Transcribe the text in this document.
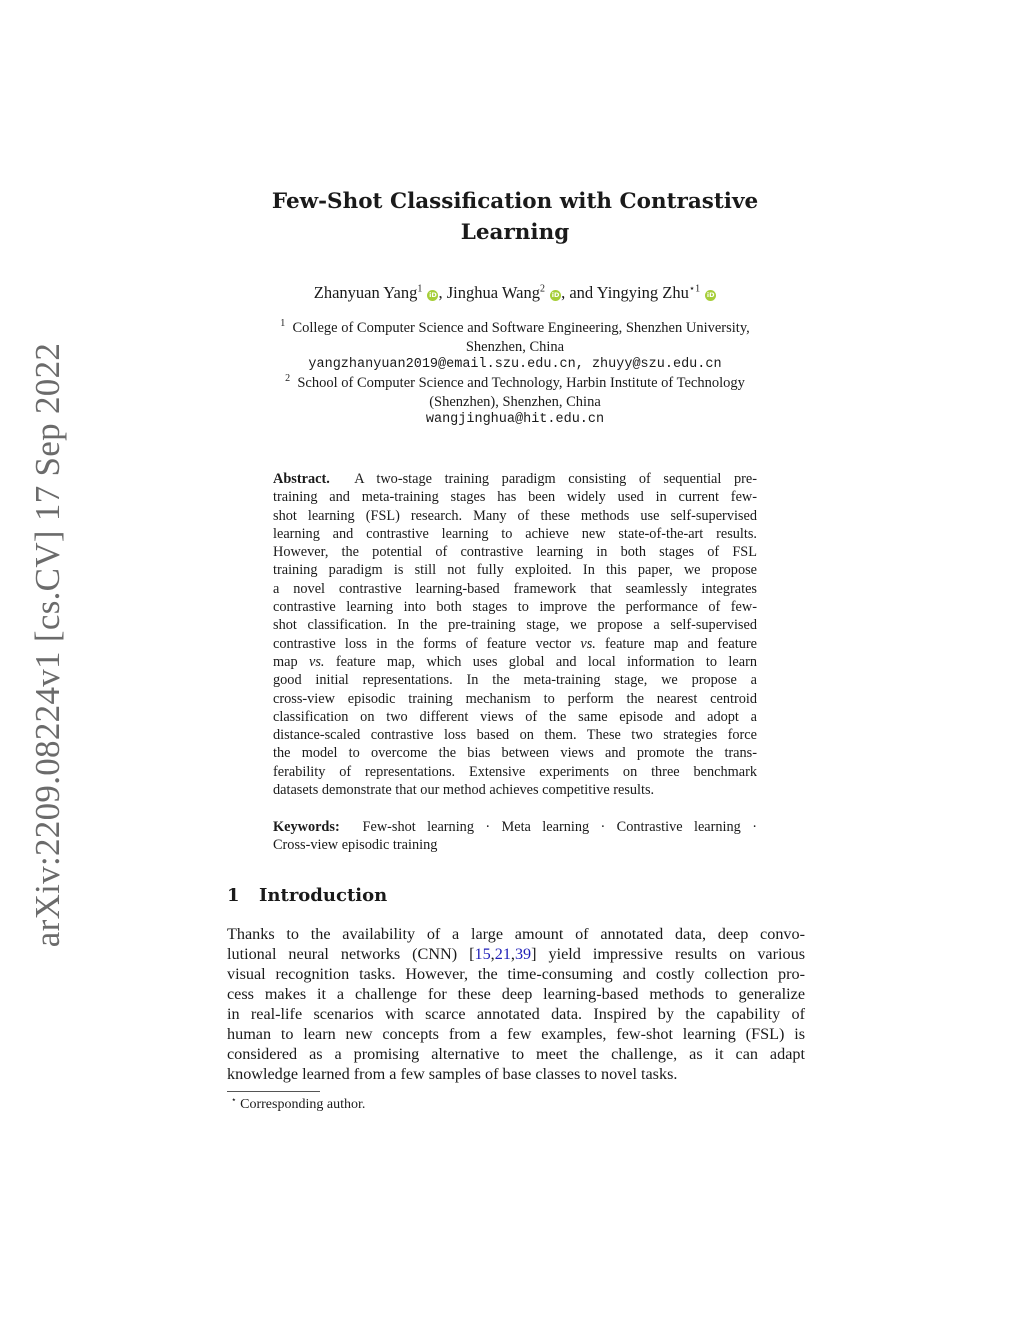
arXiv:2209.08224v1 [cs.CV] 17 Sep 2022
Few-Shot Classification with Contrastive
Learning
Zhanyuan Yang$^1$ iD , Jinghua Wang$^2$ iD , and Yingying Zhu$^{⋆1}$ iD
$^1$ College of Computer Science and Software Engineering, Shenzhen University,
Shenzhen, China
yangzhanyuan2019@email.szu.edu.cn, zhuyy@szu.edu.cn
$^2$ School of Computer Science and Technology, Harbin Institute of Technology
(Shenzhen), Shenzhen, China
wangjinghua@hit.edu.cn
Abstract. A two-stage training paradigm consisting of sequential pre-
training and meta-training stages has been widely used in current few-
shot learning (FSL) research. Many of these methods use self-supervised
learning and contrastive learning to achieve new state-of-the-art results.
However, the potential of contrastive learning in both stages of FSL
training paradigm is still not fully exploited. In this paper, we propose
a novel contrastive learning-based framework that seamlessly integrates
contrastive learning into both stages to improve the performance of few-
shot classification. In the pre-training stage, we propose a self-supervised
contrastive loss in the forms of feature vector vs. feature map and feature
map vs. feature map, which uses global and local information to learn
good initial representations. In the meta-training stage, we propose a
cross-view episodic training mechanism to perform the nearest centroid
classification on two different views of the same episode and adopt a
distance-scaled contrastive loss based on them. These two strategies force
the model to overcome the bias between views and promote the trans-
ferability of representations. Extensive experiments on three benchmark
datasets demonstrate that our method achieves competitive results.
Keywords: Few-shot learning · Meta learning · Contrastive learning ·
Cross-view episodic training
1 Introduction
Thanks to the availability of a large amount of annotated data, deep convo-
lutional neural networks (CNN) [15,21,39] yield impressive results on various
visual recognition tasks. However, the time-consuming and costly collection pro-
cess makes it a challenge for these deep learning-based methods to generalize
in real-life scenarios with scarce annotated data. Inspired by the capability of
human to learn new concepts from a few examples, few-shot learning (FSL) is
considered as a promising alternative to meet the challenge, as it can adapt
knowledge learned from a few samples of base classes to novel tasks.
⋆ Corresponding author.
